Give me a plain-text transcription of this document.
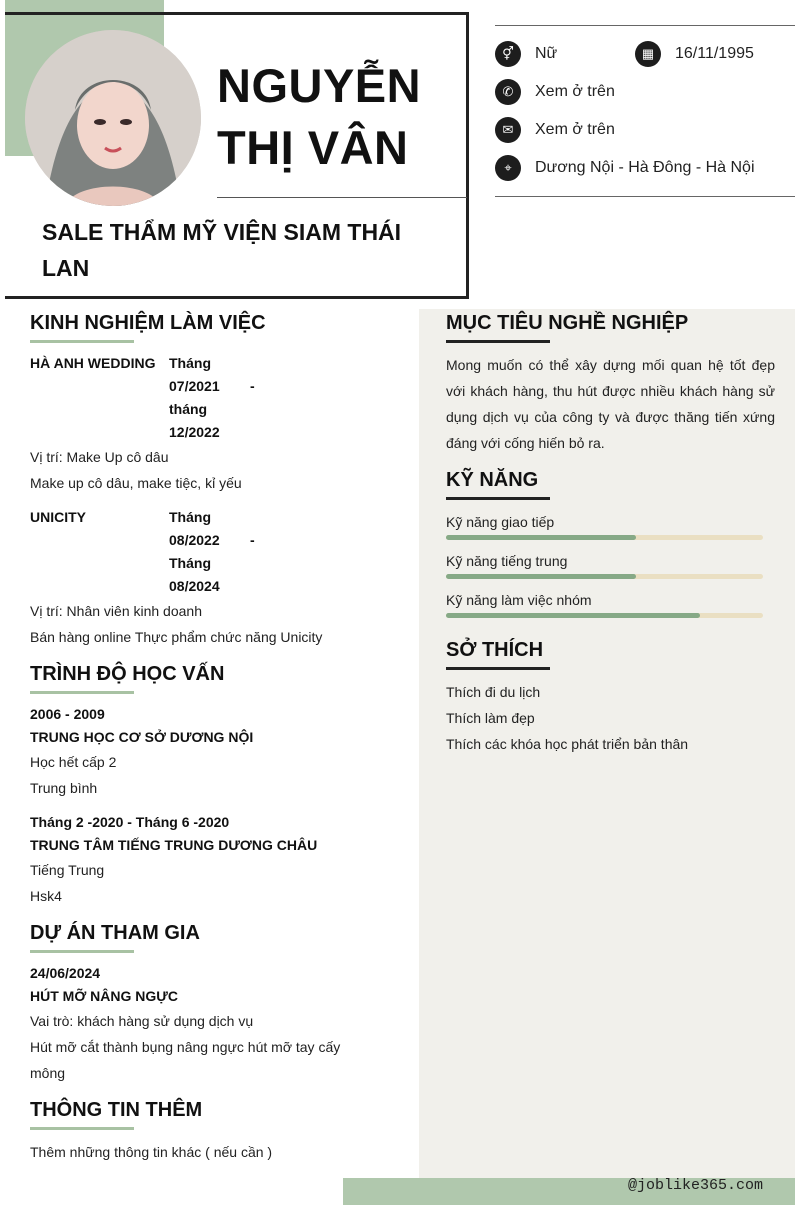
NGUYỄN
THỊ VÂN
SALE THẨM MỸ VIỆN SIAM THÁI LAN
⚥	Nữ	▦	16/11/1995
✆	Xem ở trên
✉	Xem ở trên
⌖	Dương Nội - Hà Đông - Hà Nội
KINH NGHIỆM LÀM VIỆC
HÀ ANH WEDDING Tháng
07/2021 -
tháng
12/2022
Vị trí: Make Up cô dâu
Make up cô dâu, make tiệc, kỉ yếu
UNICITY	Tháng
08/2022 -
Tháng
08/2024
Vị trí: Nhân viên kinh doanh
Bán hàng online Thực phẩm chức năng Unicity
TRÌNH ĐỘ HỌC VẤN
2006 - 2009
TRUNG HỌC CƠ SỞ DƯƠNG NỘI
Học hết cấp 2
Trung bình
Tháng 2 -2020 - Tháng 6 -2020
TRUNG TÂM TIẾNG TRUNG DƯƠNG CHÂU
Tiếng Trung
Hsk4
DỰ ÁN THAM GIA
24/06/2024
HÚT MỠ NÂNG NGỰC
Vai trò: khách hàng sử dụng dịch vụ
Hút mỡ cắt thành bụng nâng ngực hút mỡ tay cấy mông
THÔNG TIN THÊM
Thêm những thông tin khác ( nếu cần )
MỤC TIÊU NGHỀ NGHIỆP
Mong muốn có thể xây dựng mối quan hệ tốt đẹp với khách hàng, thu hút được nhiều khách hàng sử dụng dịch vụ của công ty và được thăng tiến xứng đáng với cống hiến bỏ ra.
KỸ NĂNG
Kỹ năng giao tiếp
Kỹ năng tiếng trung
Kỹ năng làm việc nhóm
SỞ THÍCH
Thích đi du lịch
Thích làm đẹp
Thích các khóa học phát triển bản thân
@joblike365.com
